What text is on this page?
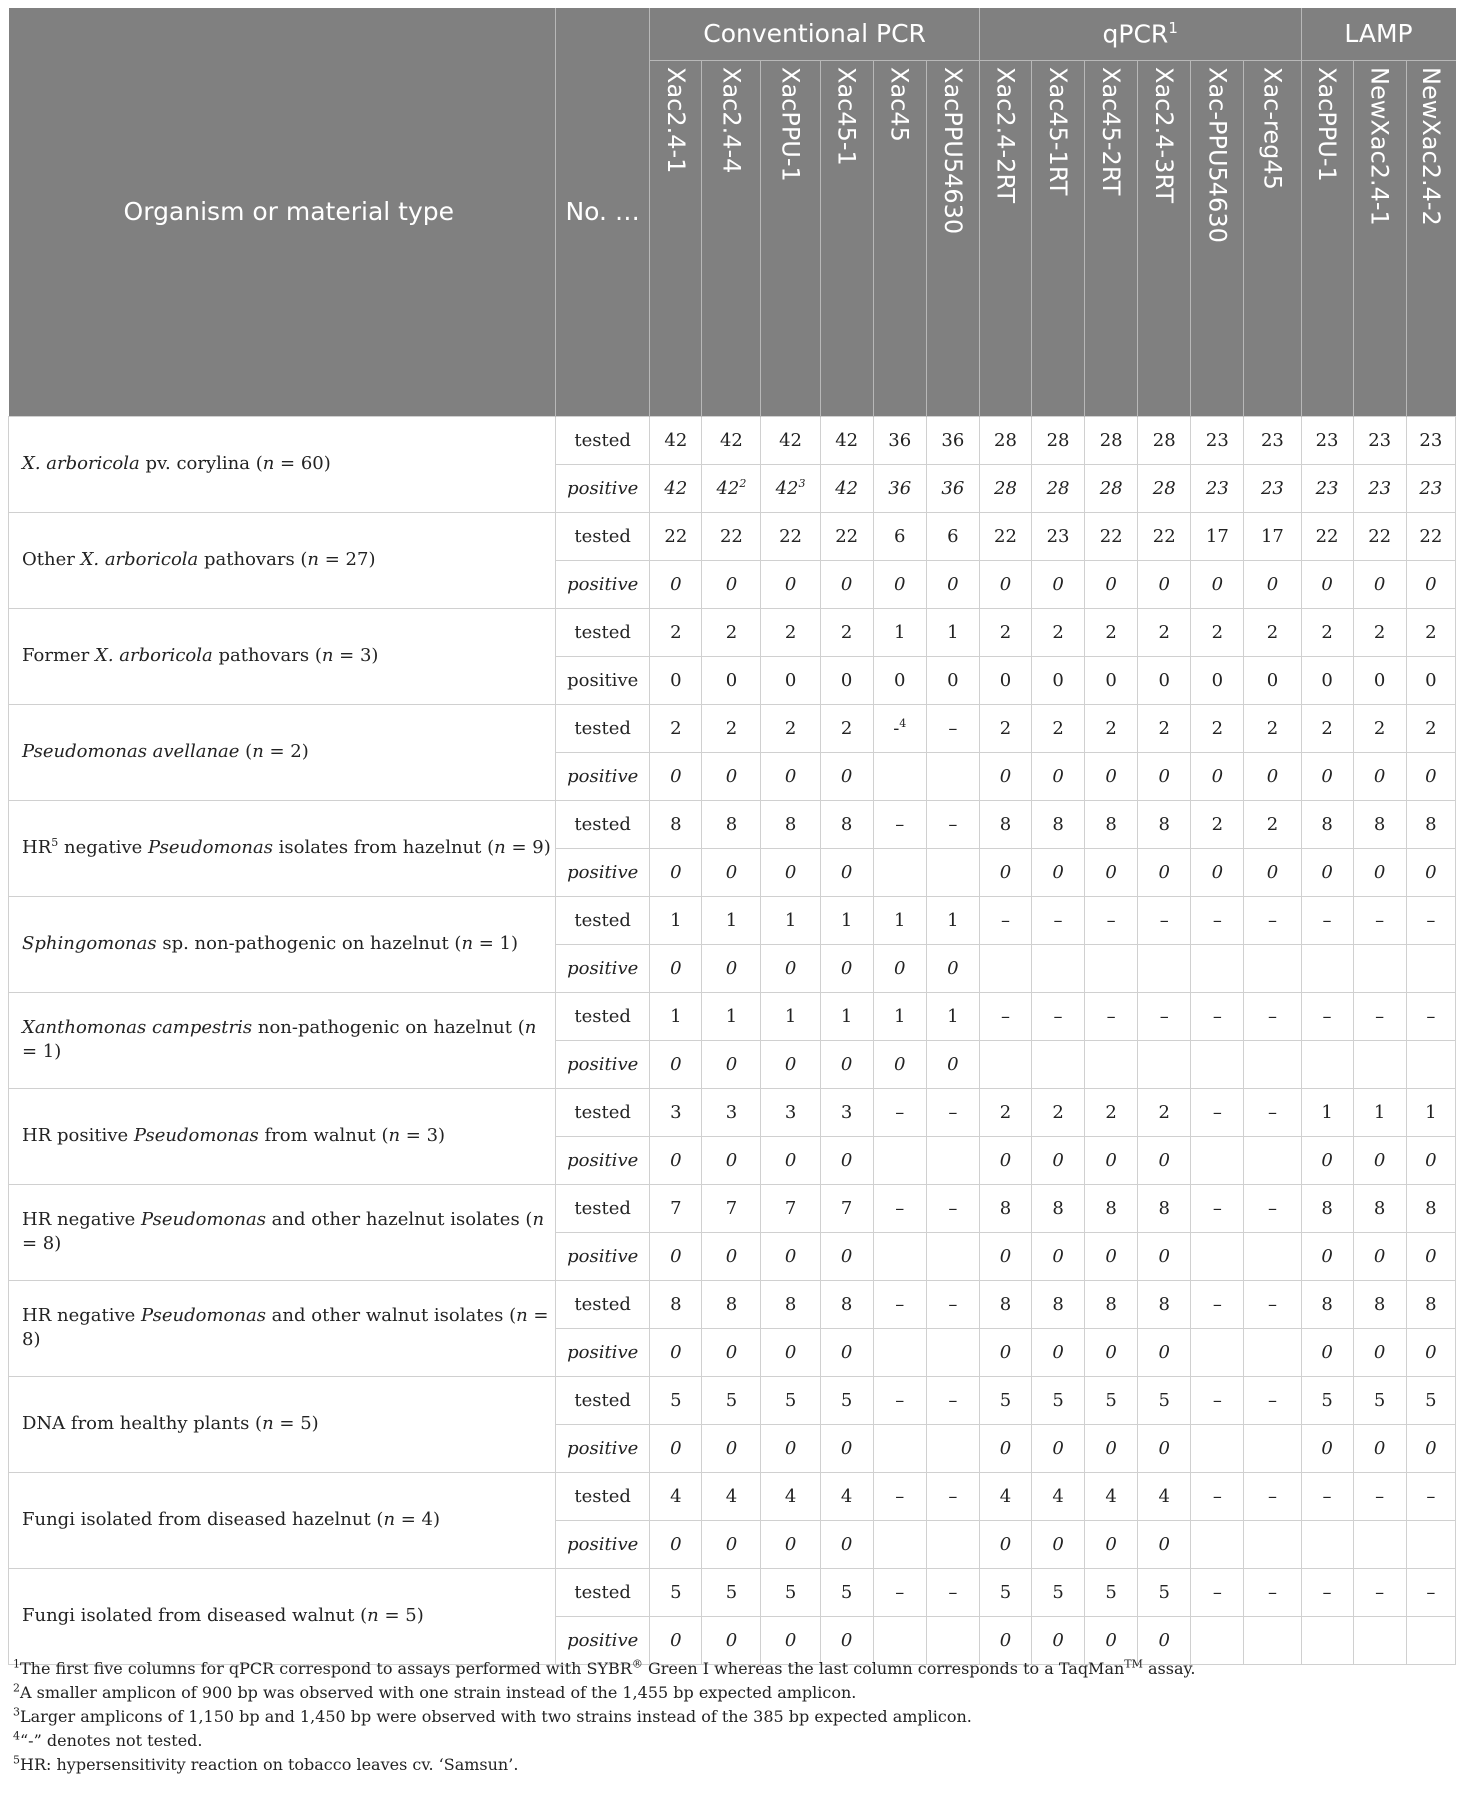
Organism or material type	No. …	Conventional PCR						qPCR$^1$						LAMP		

Xac2.4-1	Xac2.4-4	XacPPU-1	Xac45-1	Xac45	XacPPU54630	Xac2.4-2RT	Xac45-1RT	Xac45-2RT	Xac2.4-3RT	Xac-PPU54630	Xac-reg45	XacPPU-1	NewXac2.4-1	NewXac2.4-2

X. arboricola pv. corylina (n = 60)	tested	42	42	42	42	36	36	28	28	28	28	23	23	23	23	23
	positive	42	42$^2$	42$^3$	42	36	36	28	28	28	28	23	23	23	23	23
Other X. arboricola pathovars (n = 27)	tested	22	22	22	22	6	6	22	23	22	22	17	17	22	22	22
	positive	0	0	0	0	0	0	0	0	0	0	0	0	0	0	0
Former X. arboricola pathovars (n = 3)	tested	2	2	2	2	1	1	2	2	2	2	2	2	2	2	2
	positive	0	0	0	0	0	0	0	0	0	0	0	0	0	0	0
Pseudomonas avellanae (n = 2)	tested	2	2	2	2	-$^4$	–	2	2	2	2	2	2	2	2	2
	positive	0	0	0	0			0	0	0	0	0	0	0	0	0
HR$^5$ negative Pseudomonas isolates from hazelnut (n = 9)	tested	8	8	8	8	–	–	8	8	8	8	2	2	8	8	8
	positive	0	0	0	0			0	0	0	0	0	0	0	0	0
Sphingomonas sp. non-pathogenic on hazelnut (n = 1)	tested	1	1	1	1	1	1	–	–	–	–	–	–	–	–	–
	positive	0	0	0	0	0	0									
Xanthomonas campestris non-pathogenic on hazelnut (n = 1)	tested	1	1	1	1	1	1	–	–	–	–	–	–	–	–	–
	positive	0	0	0	0	0	0									
HR positive Pseudomonas from walnut (n = 3)	tested	3	3	3	3	–	–	2	2	2	2	–	–	1	1	1
	positive	0	0	0	0			0	0	0	0			0	0	0
HR negative Pseudomonas and other hazelnut isolates (n = 8)	tested	7	7	7	7	–	–	8	8	8	8	–	–	8	8	8
	positive	0	0	0	0			0	0	0	0			0	0	0
HR negative Pseudomonas and other walnut isolates (n = 8)	tested	8	8	8	8	–	–	8	8	8	8	–	–	8	8	8
	positive	0	0	0	0			0	0	0	0			0	0	0
DNA from healthy plants (n = 5)	tested	5	5	5	5	–	–	5	5	5	5	–	–	5	5	5
	positive	0	0	0	0			0	0	0	0			0	0	0
Fungi isolated from diseased hazelnut (n = 4)	tested	4	4	4	4	–	–	4	4	4	4	–	–	–	–	–
	positive	0	0	0	0			0	0	0	0					
Fungi isolated from diseased walnut (n = 5)	tested	5	5	5	5	–	–	5	5	5	5	–	–	–	–	–
	positive	0	0	0	0			0	0	0	0					

$^1$The first five columns for qPCR correspond to assays performed with SYBR® Green I whereas the last column corresponds to a TaqMan™ assay.

$^2$A smaller amplicon of 900 bp was observed with one strain instead of the 1,455 bp expected amplicon.

$^3$Larger amplicons of 1,150 bp and 1,450 bp were observed with two strains instead of the 385 bp expected amplicon.

$^4$“-” denotes not tested.

$^5$HR: hypersensitivity reaction on tobacco leaves cv. ‘Samsun’.
